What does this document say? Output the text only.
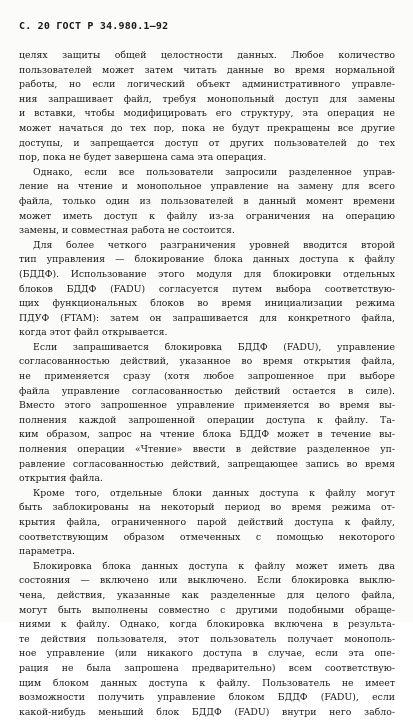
С. 20 ГОСТ Р 34.980.1—92
целях защиты общей целостности данных. Любое количество
пользователей может затем читать данные во время нормальной
работы, но если логический объект административного управле-
ния запрашивает файл, требуя монопольный доступ для замены
и вставки, чтобы модифицировать его структуру, эта операция не
может начаться до тех пор, пока не будут прекращены все другие
доступы, и запрещается доступ от других пользователей до тех
пор, пока не будет завершена сама эта операция.
Однако, если все пользователи запросили разделенное управ-
ление на чтение и монопольное управление на замену для всего
файла, только один из пользователей в данный момент времени
может иметь доступ к файлу из-за ограничения на операцию
замены, и совместная работа не состоится.
Для более четкого разграничения уровней вводится второй
тип управления — блокирование блока данных доступа к файлу
(БДДФ). Использование этого модуля для блокировки отдельных
блоков БДДФ (FADU) согласуется путем выбора соответствую-
щих функциональных блоков во время инициализации режима
ПДУФ (FTAM): затем он запрашивается для конкретного файла,
когда этот файл открывается.
Если запрашивается блокировка БДДФ (FADU), управление
согласованностью действий, указанное во время открытия файла,
не применяется сразу (хотя любое запрошенное при выборе
файла управление согласованностью действий остается в силе).
Вместо этого запрошенное управление применяется во время вы-
полнения каждой запрошенной операции доступа к файлу. Та-
ким образом, запрос на чтение блока БДДФ может в течение вы-
полнения операции «Чтение» ввести в действие разделенное уп-
равление согласованностью действий, запрещающее запись во время
открытия файла.
Кроме того, отдельные блоки данных доступа к файлу могут
быть заблокированы на некоторый период во время режима от-
крытия файла, ограниченного парой действий доступа к файлу,
соответствующим образом отмеченных с помощью некоторого
параметра.
Блокировка блока данных доступа к файлу может иметь два
состояния — включено или выключено. Если блокировка выклю-
чена, действия, указанные как разделенные для целого файла,
могут быть выполнены совместно с другими подобными обраще-
ниями к файлу. Однако, когда блокировка включена в результа-
те действия пользователя, этот пользователь получает монополь-
ное управление (или никакого доступа в случае, если эта опе-
рация не была запрошена предварительно) всем соответствую-
щим блоком данных доступа к файлу. Пользователь не имеет
возможности получить управление блоком БДДФ (FADU), если
какой-нибудь меньший блок БДДФ (FADU) внутри него забло-
